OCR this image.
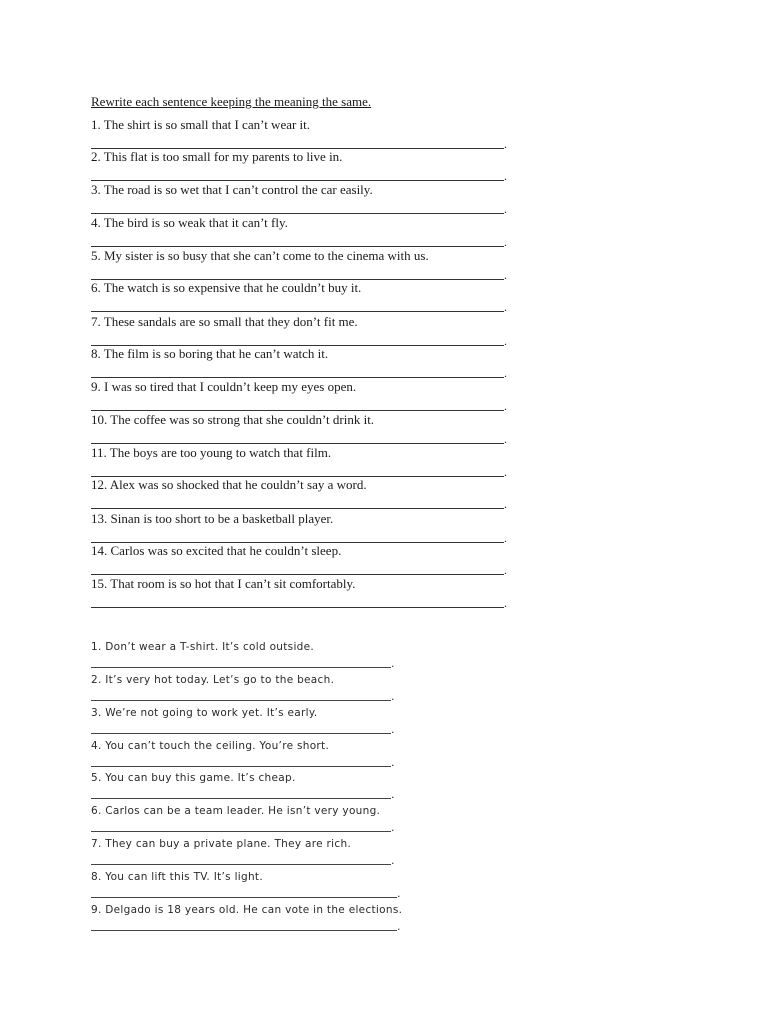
Rewrite each sentence keeping the meaning the same.
1. The shirt is so small that I can’t wear it.
.
2. This flat is too small for my parents to live in.
.
3. The road is so wet that I can’t control the car easily.
.
4. The bird is so weak that it can’t fly.
.
5. My sister is so busy that she can’t come to the cinema with us.
.
6. The watch is so expensive that he couldn’t buy it.
.
7. These sandals are so small that they don’t fit me.
.
8. The film is so boring that he can’t watch it.
.
9. I was so tired that I couldn’t keep my eyes open.
.
10. The coffee was so strong that she couldn’t drink it.
.
11. The boys are too young to watch that film.
.
12. Alex was so shocked that he couldn’t say a word.
.
13. Sinan is too short to be a basketball player.
.
14. Carlos was so excited that he couldn’t sleep.
.
15. That room is so hot that I can’t sit comfortably.
.
1. Don’t wear a T-shirt. It’s cold outside.
.
2. It’s very hot today. Let’s go to the beach.
.
3. We’re not going to work yet. It’s early.
.
4. You can’t touch the ceiling. You’re short.
.
5. You can buy this game. It’s cheap.
.
6. Carlos can be a team leader. He isn’t very young.
.
7. They can buy a private plane. They are rich.
.
8. You can lift this TV. It’s light.
.
9. Delgado is 18 years old. He can vote in the elections.
.
